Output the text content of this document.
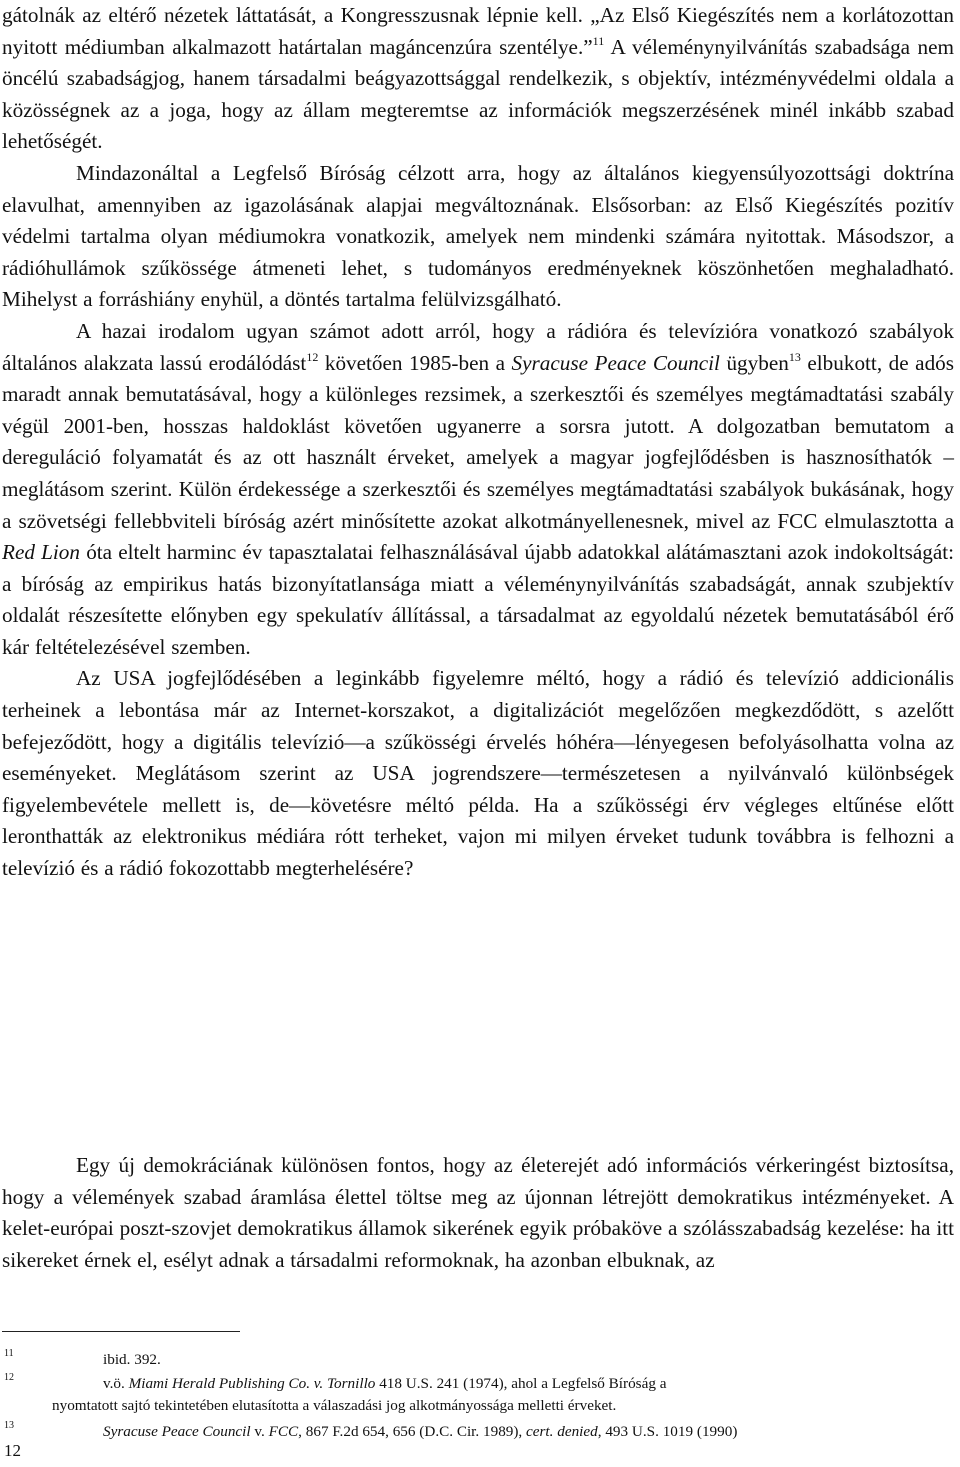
gátolnák az eltérő nézetek láttatását, a Kongresszusnak lépnie kell. „Az Első Kiegészítés nem a korlátozottan nyitott médiumban alkalmazott határtalan magáncenzúra szentélye.”$^{11}$ A véleménynyilvánítás szabadsága nem öncélú szabadságjog, hanem társadalmi beágyazottsággal rendelkezik, s objektív, intézményvédelmi oldala a közösségnek az a joga, hogy az állam megteremtse az információk megszerzésének minél inkább szabad lehetőségét.

Mindazonáltal a Legfelső Bíróság célzott arra, hogy az általános kiegyensúlyozottsági doktrína elavulhat, amennyiben az igazolásának alapjai megváltoznának. Elsősorban: az Első Kiegészítés pozitív védelmi tartalma olyan médiumokra vonatkozik, amelyek nem mindenki számára nyitottak. Másodszor, a rádióhullámok szűkössége átmeneti lehet, s tudományos eredményeknek köszönhetően meghaladható. Mihelyst a forráshiány enyhül, a döntés tartalma felülvizsgálható.

A hazai irodalom ugyan számot adott arról, hogy a rádióra és televízióra vonatkozó szabályok általános alakzata lassú erodálódást$^{12}$ követően 1985-ben a Syracuse Peace Council ügyben$^{13}$ elbukott, de adós maradt annak bemutatásával, hogy a különleges rezsimek, a szerkesztői és személyes megtámadtatási szabály végül 2001-ben, hosszas haldoklást követően ugyanerre a sorsra jutott. A dolgozatban bemutatom a dereguláció folyamatát és az ott használt érveket, amelyek a magyar jogfejlődésben is hasznosíthatók – meglátásom szerint. Külön érdekessége a szerkesztői és személyes megtámadtatási szabályok bukásának, hogy a szövetségi fellebbviteli bíróság azért minősítette azokat alkotmányellenesnek, mivel az FCC elmulasztotta a Red Lion óta eltelt harminc év tapasztalatai felhasználásával újabb adatokkal alátámasztani azok indokoltságát: a bíróság az empirikus hatás bizonyítatlansága miatt a véleménynyilvánítás szabadságát, annak szubjektív oldalát részesítette előnyben egy spekulatív állítással, a társadalmat az egyoldalú nézetek bemutatásából érő kár feltételezésével szemben.

Az USA jogfejlődésében a leginkább figyelemre méltó, hogy a rádió és televízió addicionális terheinek a lebontása már az Internet-korszakot, a digitalizációt megelőzően megkezdődött, s azelőtt befejeződött, hogy a digitális televízió—a szűkösségi érvelés hóhéra—lényegesen befolyásolhatta volna az eseményeket. Meglátásom szerint az USA jogrendszere—természetesen a nyilvánvaló különbségek figyelembevétele mellett is, de—követésre méltó példa. Ha a szűkösségi érv végleges eltűnése előtt leronthatták az elektronikus médiára rótt terheket, vajon mi milyen érveket tudunk továbbra is felhozni a televízió és a rádió fokozottabb megterhelésére?

Egy új demokráciának különösen fontos, hogy az életerejét adó információs vérkeringést biztosítsa, hogy a vélemények szabad áramlása élettel töltse meg az újonnan létrejött demokratikus intézményeket. A kelet-európai poszt-szovjet demokratikus államok sikerének egyik próbaköve a szólásszabadság kezelése: ha itt sikereket érnek el, esélyt adnak a társadalmi reformoknak, ha azonban elbuknak, az

11	ibid. 392.
12	v.ö. Miami Herald Publishing Co. v. Tornillo 418 U.S. 241 (1974), ahol a Legfelső Bíróság a
nyomtatott sajtó tekintetében elutasította a válaszadási jog alkotmányossága melletti érveket.
13	Syracuse Peace Council v. FCC, 867 F.2d 654, 656 (D.C. Cir. 1989), cert. denied, 493 U.S. 1019 (1990)
12
